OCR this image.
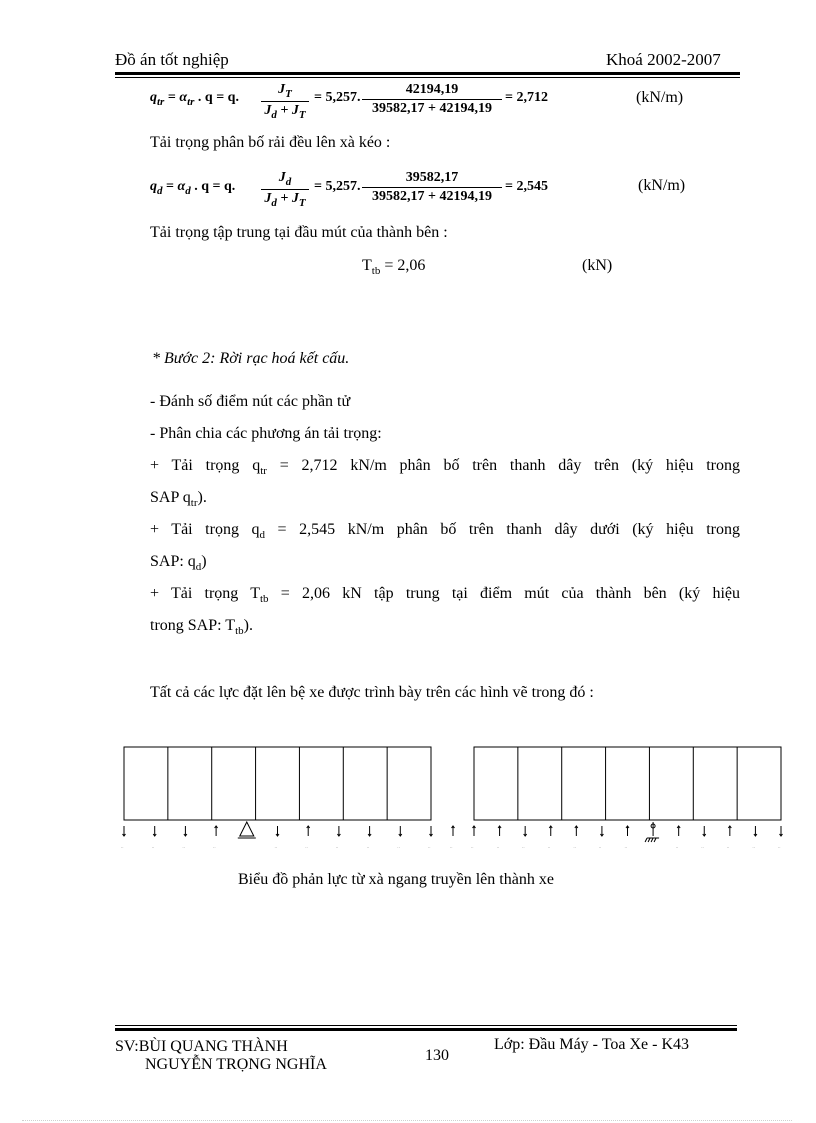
Đồ án tốt nghiệp	Khoá 2002-2007
$q_{tr} = \alpha_{tr}$ . q = q. $\frac{J_T}{J_d + J_T} = 5,257$. $\frac{42194,19}{39582,17 + 42194,19} = 2,712$	(kN/m)
Tải trọng phân bố rải đều lên xà kéo :
$q_d = \alpha_d$ . q = q. $\frac{J_d}{J_d + J_T} = 5,257$. $\frac{39582,17}{39582,17 + 42194,19} = 2,545$	(kN/m)
Tải trọng tập trung tại đầu mút của thành bên :
$T_{tb} = 2,06$	(kN)
* Bước 2: Rời rạc hoá kết cấu.
- Đánh số điểm nút các phần tử
- Phân chia các phương án tải trọng:
+ Tải trọng $q_{tr} = 2,712$ kN/m phân bố trên thanh dây trên (ký hiệu trong
SAP $q_{tr}$).
+ Tải trọng $q_d = 2,545$ kN/m phân bố trên thanh dây dưới (ký hiệu trong
SAP: $q_d$)
+ Tải trọng $T_{tb} = 2,06$ kN tập trung tại điểm mút của thành bên (ký hiệu
trong SAP: $T_{tb}$).
Tất cả các lực đặt lên bệ xe được trình bày trên các hình vẽ trong đó :
··	··	··	··	··	··	··	··	··	··	··	··	··	··	··	··	··	··	··	··	··	··	··
Biểu đồ phản lực từ xà ngang truyền lên thành xe
SV:BÙI QUANG THÀNH
NGUYỄN TRỌNG NGHĨA
130
Lớp: Đầu Máy - Toa Xe - K43
